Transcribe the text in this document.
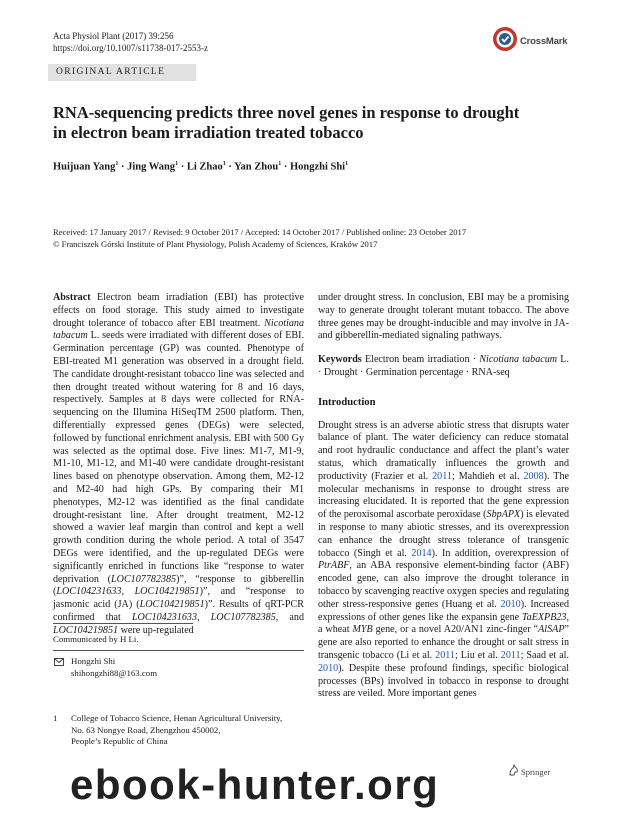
Acta Physiol Plant (2017) 39:256
https://doi.org/10.1007/s11738-017-2553-z
CrossMark
ORIGINAL ARTICLE
RNA-sequencing predicts three novel genes in response to drought
in electron beam irradiation treated tobacco
Huijuan Yang$^1$ · Jing Wang$^1$ · Li Zhao$^1$ · Yan Zhou$^1$ · Hongzhi Shi$^1$
Received: 17 January 2017 / Revised: 9 October 2017 / Accepted: 14 October 2017 / Published online: 23 October 2017
© Franciszek Górski Institute of Plant Physiology, Polish Academy of Sciences, Kraków 2017

Abstract Electron beam irradiation (EBI) has protective effects on food storage. This study aimed to investigate drought tolerance of tobacco after EBI treatment. Nicotiana tabacum L. seeds were irradiated with different doses of EBI. Germination percentage (GP) was counted. Phenotype of EBI-treated M1 generation was observed in a drought field. The candidate drought-resistant tobacco line was selected and then drought treated without watering for 8 and 16 days, respectively. Samples at 8 days were collected for RNA-sequencing on the Illumina HiSeqTM 2500 platform. Then, differentially expressed genes (DEGs) were selected, followed by functional enrichment analysis. EBI with 500 Gy was selected as the optimal dose. Five lines: M1-7, M1-9, M1-10, M1-12, and M1-40 were candidate drought-resistant lines based on phenotype observation. Among them, M2-12 and M2-40 had high GPs. By comparing their M1 phenotypes, M2-12 was identified as the final candidate drought-resistant line. After drought treatment, M2-12 showed a wavier leaf margin than control and kept a well growth condition during the whole period. A total of 3547 DEGs were identified, and the up-regulated DEGs were significantly enriched in functions like “response to water deprivation (LOC107782385)”, “response to gibberellin (LOC104231633, LOC104219851)”, and “response to jasmonic acid (JA) (LOC104219851)”. Results of qRT-PCR confirmed that LOC104231633, LOC107782385, and LOC104219851 were up-regulated

Communicated by H Li.
Hongzhi Shi
shihongzhi88@163.com
1 College of Tobacco Science, Henan Agricultural University,
No. 63 Nongye Road, Zhengzhou 450002,
People’s Republic of China

under drought stress. In conclusion, EBI may be a promising way to generate drought tolerant mutant tobacco. The above three genes may be drought-inducible and may involve in JA- and gibberellin-mediated signaling pathways.

Keywords Electron beam irradiation · Nicotiana tabacum L. · Drought · Germination percentage · RNA-seq

Introduction

Drought stress is an adverse abiotic stress that disrupts water balance of plant. The water deficiency can reduce stomatal and root hydraulic conductance and affect the plant’s water status, which dramatically influences the growth and productivity (Frazier et al. 2011; Mahdieh et al. 2008). The molecular mechanisms in response to drought stress are increasing elucidated. It is reported that the gene expression of the peroxisomal ascorbate peroxidase (SbpAPX) is elevated in response to many abiotic stresses, and its overexpression can enhance the drought stress tolerance of transgenic tobacco (Singh et al. 2014). In addition, overexpression of PtrABF, an ABA responsive element-binding factor (ABF) encoded gene, can also improve the drought tolerance in tobacco by scavenging reactive oxygen species and regulating other stress-responsive genes (Huang et al. 2010). Increased expressions of other genes like the expansin gene TaEXPB23, a wheat MYB gene, or a novel A20/AN1 zinc-finger “AlSAP” gene are also reported to enhance the drought or salt stress in transgenic tobacco (Li et al. 2011; Liu et al. 2011; Saad et al. 2010). Despite these profound findings, specific biological processes (BPs) involved in tobacco in response to drought stress are veiled. More important genes

Springer
ebook-hunter.org
